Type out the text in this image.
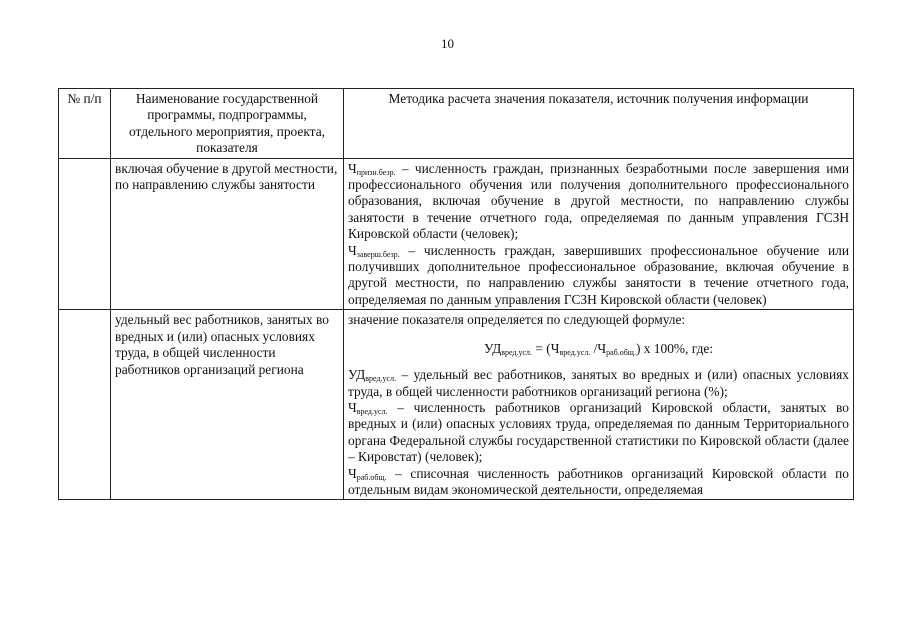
10
№ п/п	Наименование государственной программы, подпрограммы, отдельного мероприятия, проекта, показателя	Методика расчета значения показателя, источник получения информации
	включая обучение в другой местности, по направлению службы занятости	$Ч_{призн.безр.}$ – численность граждан, признанных безработными после завершения ими профессионального обучения или получения дополнительного профессионального образования, включая обучение в другой местности, по направлению службы занятости в течение отчетного года, определяемая по данным управления ГСЗН Кировской области (человек);

$Ч_{заверш.безр.}$ – численность граждан, завершивших профессиональное обучение или получивших дополнительное профессиональное образование, включая обучение в другой местности, по направлению службы занятости в течение отчетного года, определяемая по данным управления ГСЗН Кировской области (человек)

	удельный вес работников, занятых во вредных и (или) опасных условиях труда, в общей численности работников организаций региона	значение показателя определяется по следующей формуле:

$УД_{вред.усл.} = (Ч_{вред.усл.}$ $/Ч_{раб.общ.}$) х 100%, где:

$УД_{вред.усл.}$ – удельный вес работников, занятых во вредных и (или) опасных условиях труда, в общей численности работников организаций региона (%);

$Ч_{вред.усл.}$ – численность работников организаций Кировской области, занятых во вредных и (или) опасных условиях труда, определяемая по данным Территориального органа Федеральной службы государственной статистики по Кировской области (далее – Кировстат) (человек);

$Ч_{раб.общ.}$ – списочная численность работников организаций Кировской области по отдельным видам экономической деятельности, определяемая
